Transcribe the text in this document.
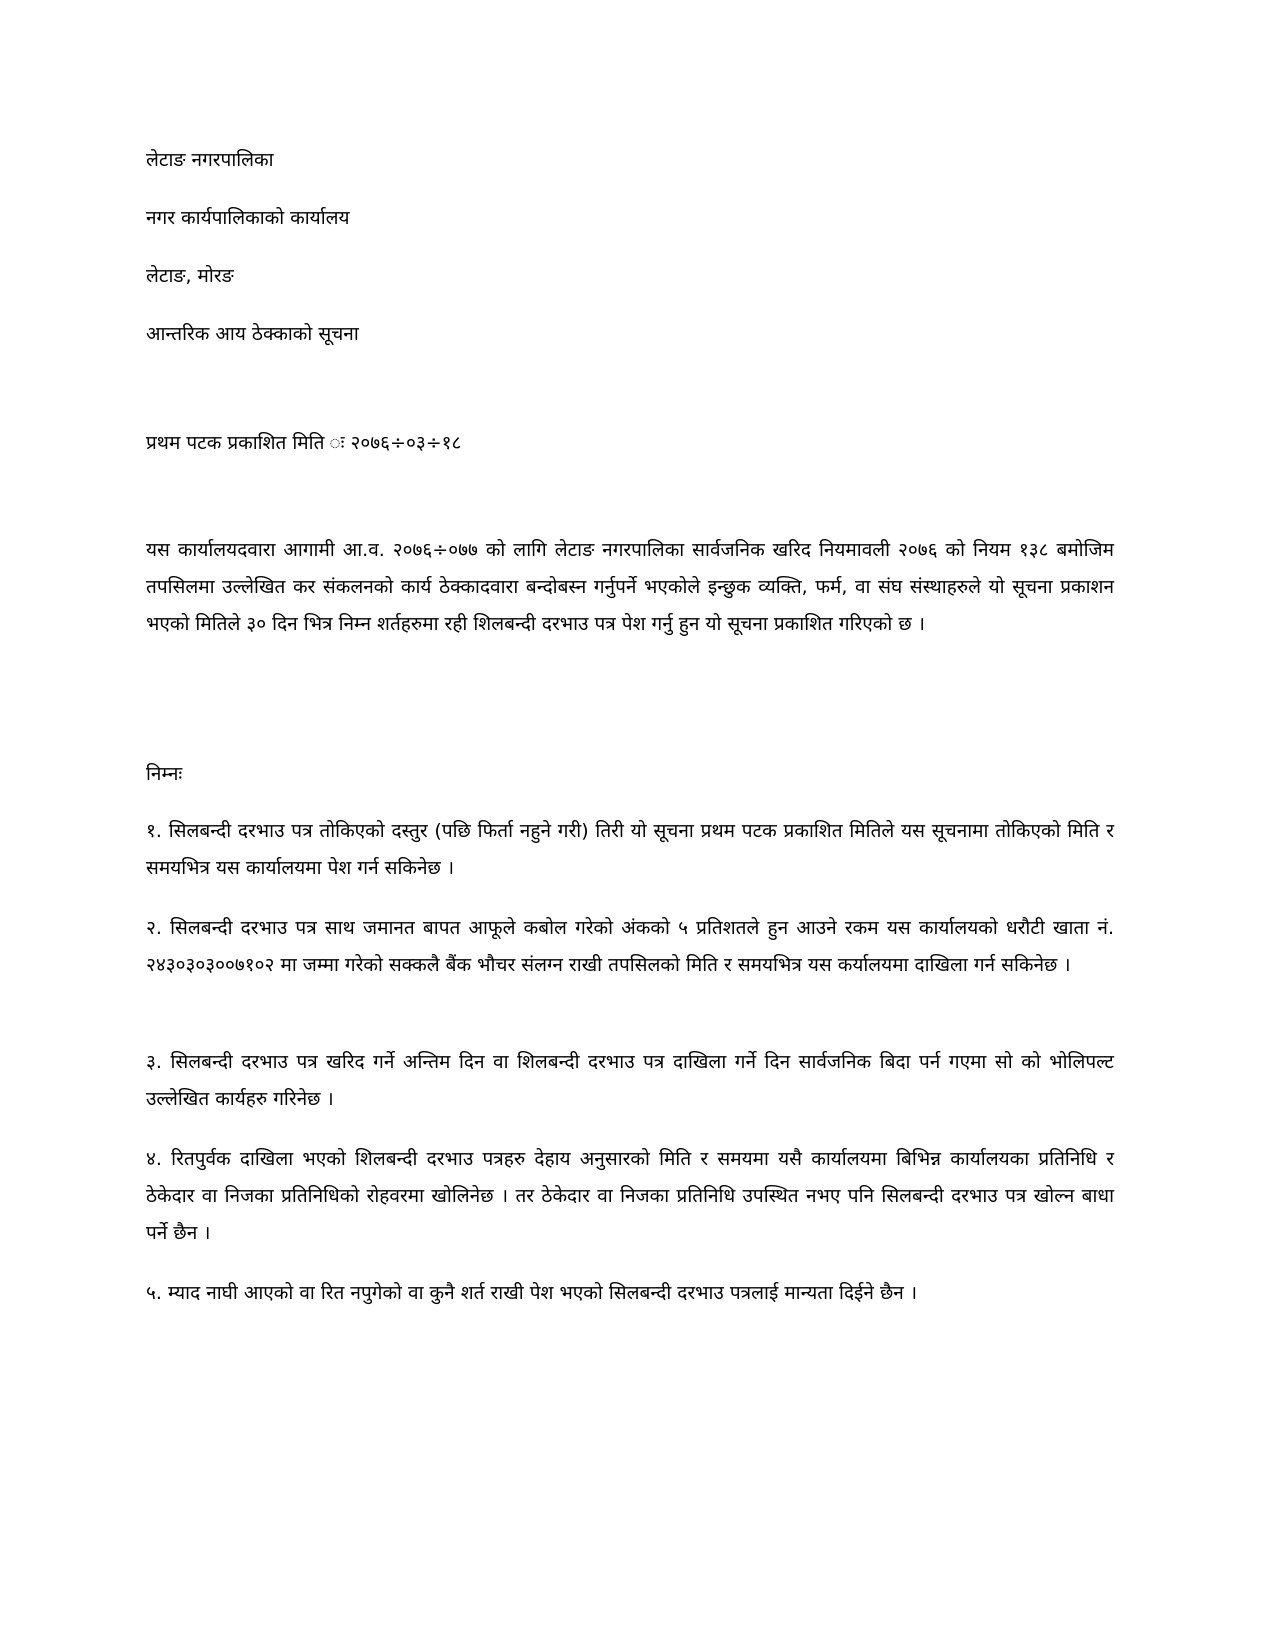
लेटाङ नगरपालिका
नगर कार्यपालिकाको कार्यालय
लेटाङ, मोरङ
आन्तरिक आय ठेक्काको सूचना
प्रथम पटक प्रकाशित मिति ः २०७६÷०३÷१८
यस कार्यालयदवारा आगामी आ.व. २०७६÷०७७ को लागि लेटाङ नगरपालिका सार्वजनिक खरिद नियमावली २०७६ को नियम १३८ बमोजिम तपसिलमा उल्लेखित कर संकलनको कार्य ठेक्कादवारा बन्दोबस्न गर्नुपर्ने भएकोले इन्छुक व्यक्ति, फर्म, वा संघ संस्थाहरुले यो सूचना प्रकाशन भएको मितिले ३० दिन भित्र निम्न शर्तहरुमा रही शिलबन्दी दरभाउ पत्र पेश गर्नु हुन यो सूचना प्रकाशित गरिएको छ ।
निम्नः
१. सिलबन्दी दरभाउ पत्र तोकिएको दस्तुर (पछि फिर्ता नहुने गरी) तिरी यो सूचना प्रथम पटक प्रकाशित मितिले यस सूचनामा तोकिएको मिति र समयभित्र यस कार्यालयमा पेश गर्न सकिनेछ ।
२. सिलबन्दी दरभाउ पत्र साथ जमानत बापत आफूले कबोल गरेको अंकको ५ प्रतिशतले हुन आउने रकम यस कार्यालयको धरौटी खाता नं. २४३०३०३००७१०२ मा जम्मा गरेको सक्कलै बैंक भौचर संलग्न राखी तपसिलको मिति र समयभित्र यस कर्यालयमा दाखिला गर्न सकिनेछ ।
३. सिलबन्दी दरभाउ पत्र खरिद गर्ने अन्तिम दिन वा शिलबन्दी दरभाउ पत्र दाखिला गर्ने दिन सार्वजनिक बिदा पर्न गएमा सो को भोलिपल्ट उल्लेखित कार्यहरु गरिनेछ ।
४. रितपुर्वक दाखिला भएको शिलबन्दी दरभाउ पत्रहरु देहाय अनुसारको मिति र समयमा यसै कार्यालयमा बिभिन्न कार्यालयका प्रतिनिधि र ठेकेदार वा निजका प्रतिनिधिको रोहवरमा खोलिनेछ । तर ठेकेदार वा निजका प्रतिनिधि उपस्थित नभए पनि सिलबन्दी दरभाउ पत्र खोल्न बाधा पर्ने छैन ।
५. म्याद नाघी आएको वा रित नपुगेको वा कुनै शर्त राखी पेश भएको सिलबन्दी दरभाउ पत्रलाई मान्यता दिईने छैन ।
